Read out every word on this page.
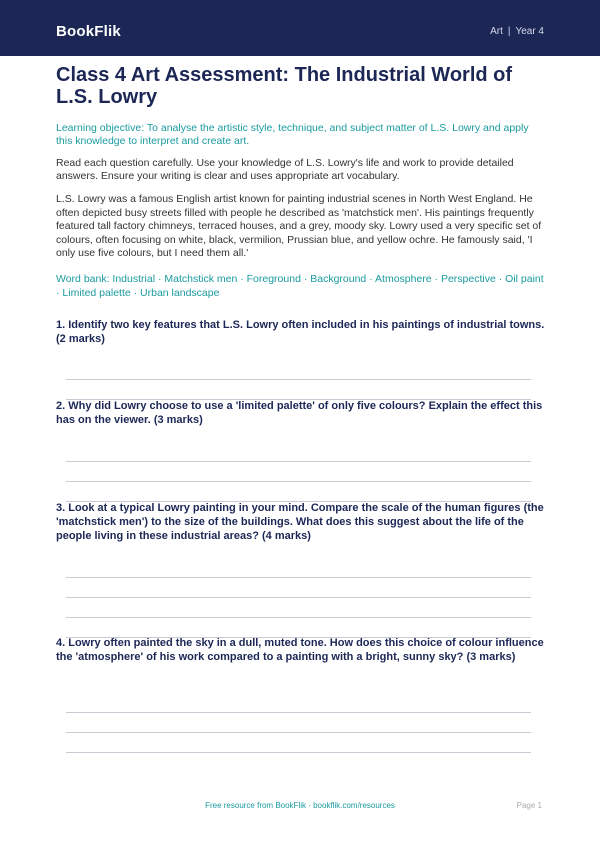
BookFlik	Art | Year 4
Class 4 Art Assessment: The Industrial World of L.S. Lowry

Learning objective: To analyse the artistic style, technique, and subject matter of L.S. Lowry and apply this knowledge to interpret and create art.

Read each question carefully. Use your knowledge of L.S. Lowry's life and work to provide detailed answers. Ensure your writing is clear and uses appropriate art vocabulary.

L.S. Lowry was a famous English artist known for painting industrial scenes in North West England. He often depicted busy streets filled with people he described as 'matchstick men'. His paintings frequently featured tall factory chimneys, terraced houses, and a grey, moody sky. Lowry used a very specific set of colours, often focusing on white, black, vermilion, Prussian blue, and yellow ochre. He famously said, 'I only use five colours, but I need them all.'

Word bank: Industrial · Matchstick men · Foreground · Background · Atmosphere · Perspective · Oil paint · Limited palette · Urban landscape

1. Identify two key features that L.S. Lowry often included in his paintings of industrial towns. (2 marks)

2. Why did Lowry choose to use a 'limited palette' of only five colours? Explain the effect this has on the viewer. (3 marks)

3. Look at a typical Lowry painting in your mind. Compare the scale of the human figures (the 'matchstick men') to the size of the buildings. What does this suggest about the life of the people living in these industrial areas? (4 marks)

4. Lowry often painted the sky in a dull, muted tone. How does this choice of colour influence the 'atmosphere' of his work compared to a painting with a bright, sunny sky? (3 marks)

Free resource from BookFlik · bookflik.com/resources	Page 1
